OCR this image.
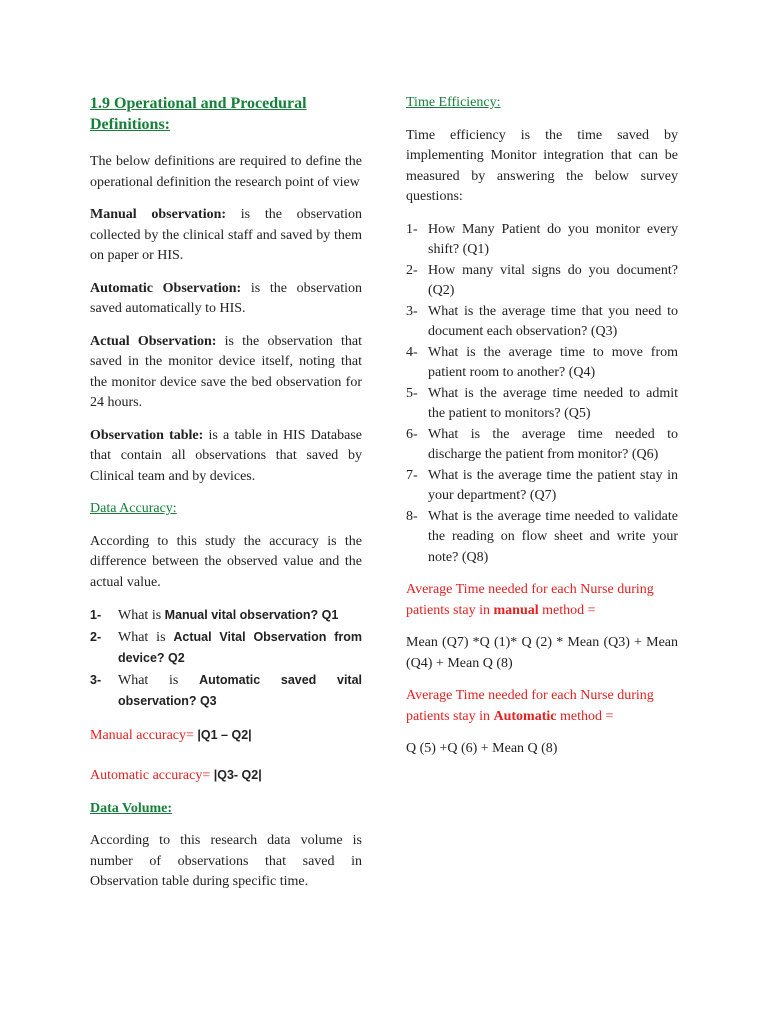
1.9 Operational and Procedural Definitions:

The below definitions are required to define the operational definition the research point of view

Manual observation: is the observation collected by the clinical staff and saved by them on paper or HIS.

Automatic Observation: is the observation saved automatically to HIS.

Actual Observation: is the observation that saved in the monitor device itself, noting that the monitor device save the bed observation for 24 hours.

Observation table: is a table in HIS Database that contain all observations that saved by Clinical team and by devices.

Data Accuracy:

According to this study the accuracy is the difference between the observed value and the actual value.

1-	What is Manual vital observation? Q1
2-	What is Actual Vital Observation from device? Q2
3-	What is Automatic saved vital observation? Q3

Manual accuracy= |Q1 – Q2|

Automatic accuracy= |Q3- Q2|

Data Volume:

According to this research data volume is number of observations that saved in Observation table during specific time.

Time Efficiency:

Time efficiency is the time saved by implementing Monitor integration that can be measured by answering the below survey questions:

1- How Many Patient do you monitor every shift? (Q1)
2- How many vital signs do you document? (Q2)
3- What is the average time that you need to document each observation? (Q3)
4- What is the average time to move from patient room to another? (Q4)
5- What is the average time needed to admit the patient to monitors? (Q5)
6- What is the average time needed to discharge the patient from monitor? (Q6)
7- What is the average time the patient stay in your department? (Q7)
8- What is the average time needed to validate the reading on flow sheet and write your note? (Q8)

Average Time needed for each Nurse during patients stay in manual method =

Mean (Q7) *Q (1)* Q (2) * Mean (Q3) + Mean (Q4) + Mean Q (8)

Average Time needed for each Nurse during patients stay in Automatic method =

Q (5) +Q (6) + Mean Q (8)
